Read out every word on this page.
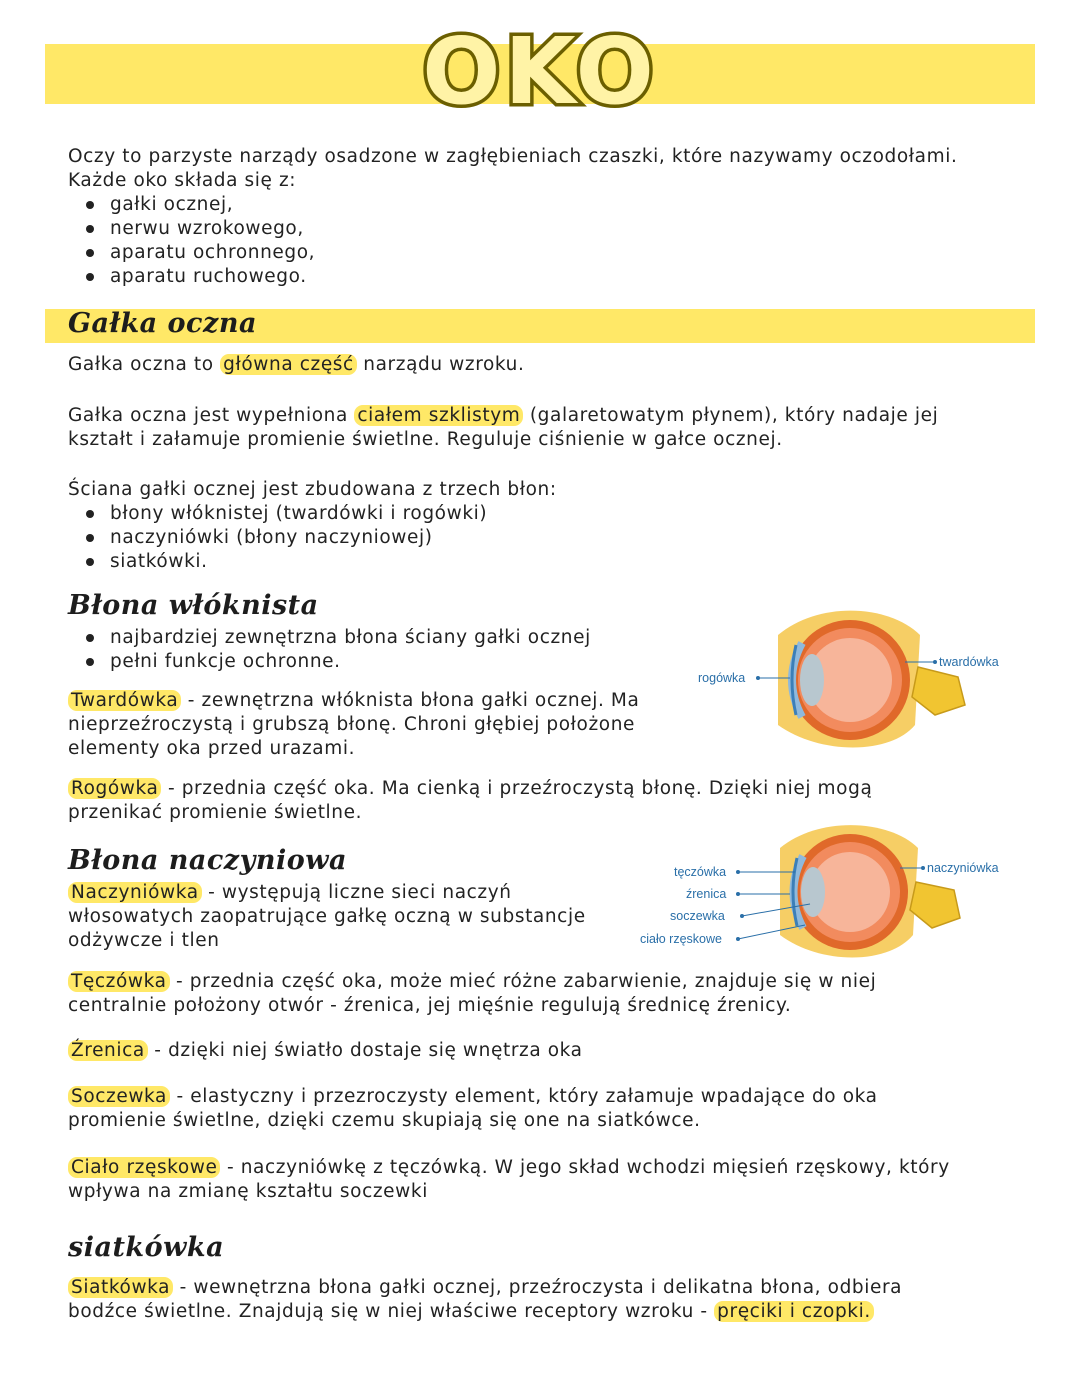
OKO

Oczy to parzyste narządy osadzone w zagłębieniach czaszki, które nazywamy oczodołami.

Każde oko składa się z:

gałki ocznej,
nerwu wzrokowego,
aparatu ochronnego,
aparatu ruchowego.
Gałka oczna
Gałka oczna to główna część narządu wzroku.
Gałka oczna jest wypełniona ciałem szklistym (galaretowatym płynem), który nadaje jej kształt i załamuje promienie świetlne. Reguluje ciśnienie w gałce ocznej.

Ściana gałki ocznej jest zbudowana z trzech błon:

błony włóknistej (twardówki i rogówki)
naczyniówki (błony naczyniowej)
siatkówki.
Błona włóknista
najbardziej zewnętrzna błona ściany gałki ocznej
pełni funkcje ochronne.
Twardówka - zewnętrzna włóknista błona gałki ocznej. Ma nieprzeźroczystą i grubszą błonę. Chroni głębiej położone elementy oka przed urazami.
Rogówka - przednia część oka. Ma cienką i przeźroczystą błonę. Dzięki niej mogą przenikać promienie świetlne.
rogówka
twardówka
Błona naczyniowa
Naczyniówka - występują liczne sieci naczyń włosowatych zaopatrujące gałkę oczną w substancje odżywcze i tlen
tęczówka
źrenica
soczewka
ciało rzęskowe
naczyniówka
Tęczówka - przednia część oka, może mieć różne zabarwienie, znajduje się w niej centralnie położony otwór - źrenica, jej mięśnie regulują średnicę źrenicy.
Źrenica - dzięki niej światło dostaje się wnętrza oka
Soczewka - elastyczny i przezroczysty element, który załamuje wpadające do oka promienie świetlne, dzięki czemu skupiają się one na siatkówce.
Ciało rzęskowe - naczyniówkę z tęczówką. W jego skład wchodzi mięsień rzęskowy, który wpływa na zmianę kształtu soczewki
siatkówka
Siatkówka - wewnętrzna błona gałki ocznej, przeźroczysta i delikatna błona, odbiera bodźce świetlne. Znajdują się w niej właściwe receptory wzroku - pręciki i czopki.
